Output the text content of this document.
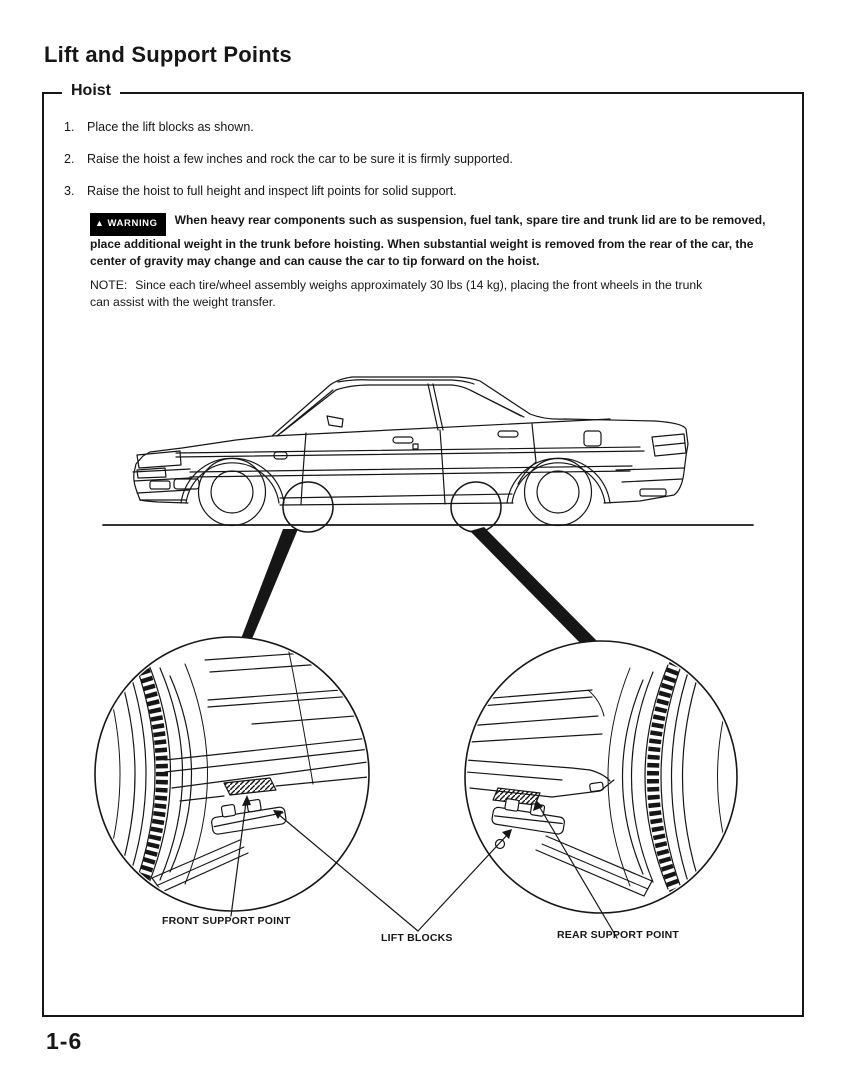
Lift and Support Points
Hoist
1.	Place the lift blocks as shown.
2.	Raise the hoist a few inches and rock the car to be sure it is firmly supported.
3.	Raise the hoist to full height and inspect lift points for solid support.
▲ WARNING When heavy rear components such as suspension, fuel tank, spare tire and trunk lid are to be removed,
place additional weight in the trunk before hoisting. When substantial weight is removed from the rear of the car, the
center of gravity may change and can cause the car to tip forward on the hoist.
NOTE: Since each tire/wheel assembly weighs approximately 30 lbs (14 kg), placing the front wheels in the trunk
can assist with the weight transfer.
FRONT SUPPORT POINT
LIFT BLOCKS	REAR SUPPORT POINT
1-6
